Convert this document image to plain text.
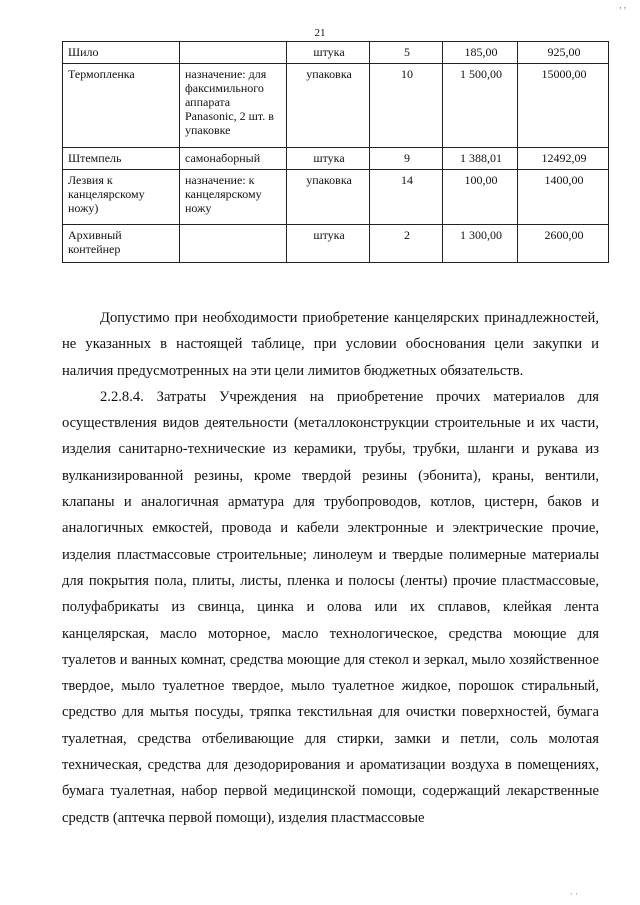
, ,
21
Шило		штука	5	185,00	925,00
Термопленка	назначение: для факсимильного аппарата Panasonic, 2 шт. в упаковке	упаковка	10	1 500,00	15000,00
Штемпель	самонаборный	штука	9	1 388,01	12492,09
Лезвия к канцелярскому ножу)	назначение: к канцелярскому ножу	упаковка	14	100,00	1400,00
Архивный контейнер		штука	2	1 300,00	2600,00

Допустимо при необходимости приобретение канцелярских принадлежностей, не указанных в настоящей таблице, при условии обоснования цели закупки и наличия предусмотренных на эти цели лимитов бюджетных обязательств.

2.2.8.4. Затраты Учреждения на приобретение прочих материалов для осуществления видов деятельности (металлоконструкции строительные и их части, изделия санитарно-технические из керамики, трубы, трубки, шланги и рукава из вулканизированной резины, кроме твердой резины (эбонита), краны, вентили, клапаны и аналогичная арматура для трубопроводов, котлов, цистерн, баков и аналогичных емкостей, провода и кабели электронные и электрические прочие, изделия пластмассовые строительные; линолеум и твердые полимерные материалы для покрытия пола, плиты, листы, пленка и полосы (ленты) прочие пластмассовые, полуфабрикаты из свинца, цинка и олова или их сплавов, клейкая лента канцелярская, масло моторное, масло технологическое, средства моющие для туалетов и ванных комнат, средства моющие для стекол и зеркал, мыло хозяйственное твердое, мыло туалетное твердое, мыло туалетное жидкое, порошок стиральный, средство для мытья посуды, тряпка текстильная для очистки поверхностей, бумага туалетная, средства отбеливающие для стирки, замки и петли, соль молотая техническая, средства для дезодорирования и ароматизации воздуха в помещениях, бумага туалетная, набор первой медицинской помощи, содержащий лекарственные средств (аптечка первой помощи), изделия пластмассовые

· ·
